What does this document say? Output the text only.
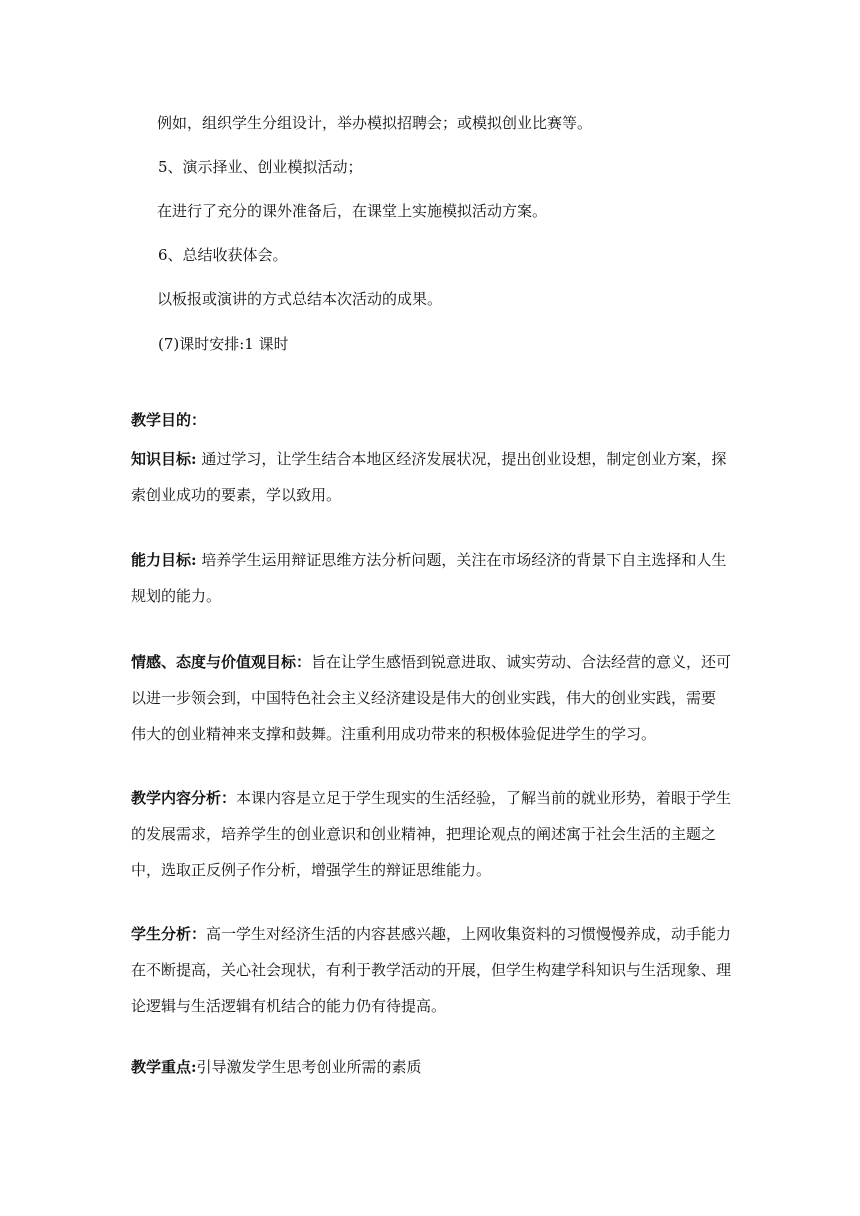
例如，组织学生分组设计，举办模拟招聘会；或模拟创业比赛等。
5、演示择业、创业模拟活动；
在进行了充分的课外准备后，在课堂上实施模拟活动方案。
6、总结收获体会。
以板报或演讲的方式总结本次活动的成果。
(7)课时安排:1 课时
教学目的：
知识目标: 通过学习，让学生结合本地区经济发展状况，提出创业设想，制定创业方案，探
索创业成功的要素，学以致用。
能力目标: 培养学生运用辩证思维方法分析问题，关注在市场经济的背景下自主选择和人生
规划的能力。
情感、态度与价值观目标：旨在让学生感悟到锐意进取、诚实劳动、合法经营的意义，还可
以进一步领会到，中国特色社会主义经济建设是伟大的创业实践，伟大的创业实践，需要
伟大的创业精神来支撑和鼓舞。注重利用成功带来的积极体验促进学生的学习。
教学内容分析：本课内容是立足于学生现实的生活经验，了解当前的就业形势，着眼于学生
的发展需求，培养学生的创业意识和创业精神，把理论观点的阐述寓于社会生活的主题之
中，选取正反例子作分析，增强学生的辩证思维能力。
学生分析：高一学生对经济生活的内容甚感兴趣，上网收集资料的习惯慢慢养成，动手能力
在不断提高，关心社会现状，有利于教学活动的开展，但学生构建学科知识与生活现象、理
论逻辑与生活逻辑有机结合的能力仍有待提高。
教学重点:引导激发学生思考创业所需的素质
